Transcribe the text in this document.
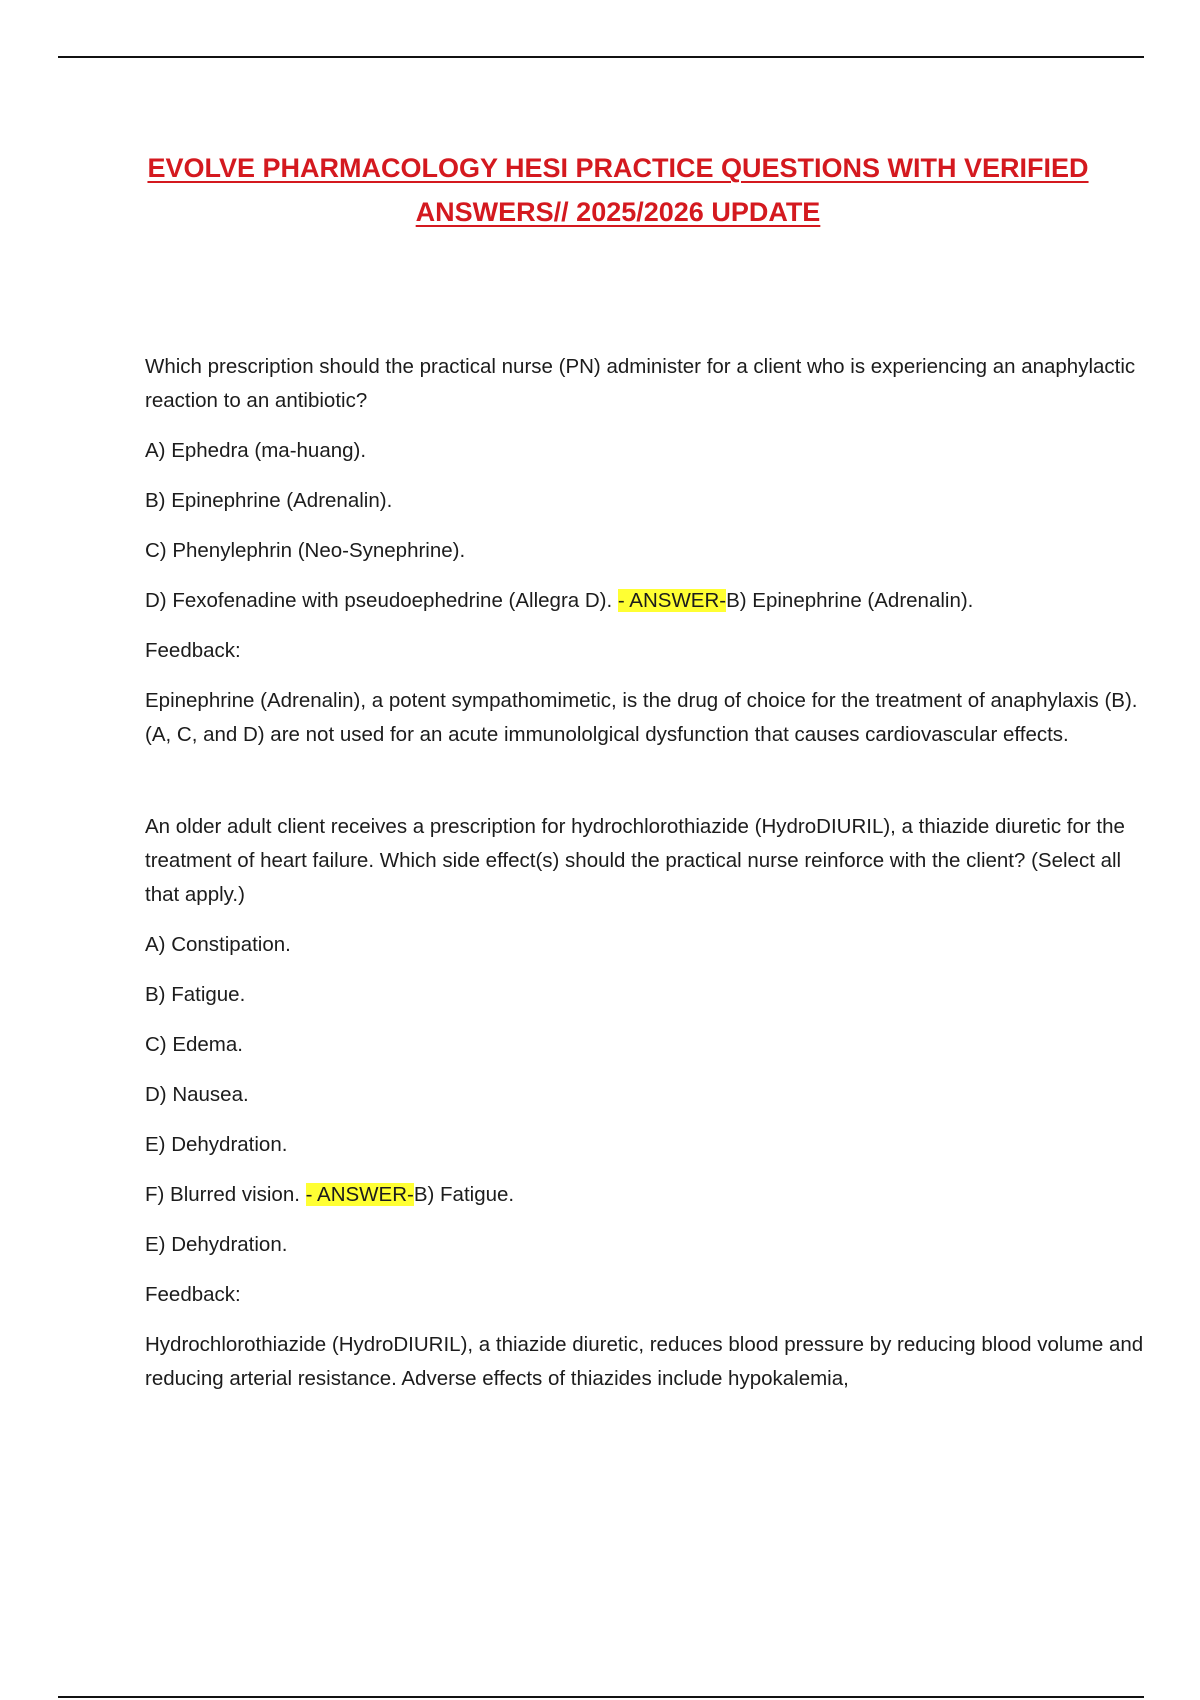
EVOLVE PHARMACOLOGY HESI PRACTICE QUESTIONS WITH VERIFIED
ANSWERS// 2025/2026 UPDATE

Which prescription should the practical nurse (PN) administer for a client who is experiencing an anaphylactic reaction to an antibiotic?

A) Ephedra (ma-huang).

B) Epinephrine (Adrenalin).

C) Phenylephrin (Neo-Synephrine).

D) Fexofenadine with pseudoephedrine (Allegra D). - ANSWER-B) Epinephrine (Adrenalin).

Feedback:

Epinephrine (Adrenalin), a potent sympathomimetic, is the drug of choice for the treatment of anaphylaxis (B). (A, C, and D) are not used for an acute immunololgical dysfunction that causes cardiovascular effects.

An older adult client receives a prescription for hydrochlorothiazide (HydroDIURIL), a thiazide diuretic for the treatment of heart failure. Which side effect(s) should the practical nurse reinforce with the client? (Select all that apply.)

A) Constipation.

B) Fatigue.

C) Edema.

D) Nausea.

E) Dehydration.

F) Blurred vision. - ANSWER-B) Fatigue.

E) Dehydration.

Feedback:

Hydrochlorothiazide (HydroDIURIL), a thiazide diuretic, reduces blood pressure by reducing blood volume and reducing arterial resistance. Adverse effects of thiazides include hypokalemia,
